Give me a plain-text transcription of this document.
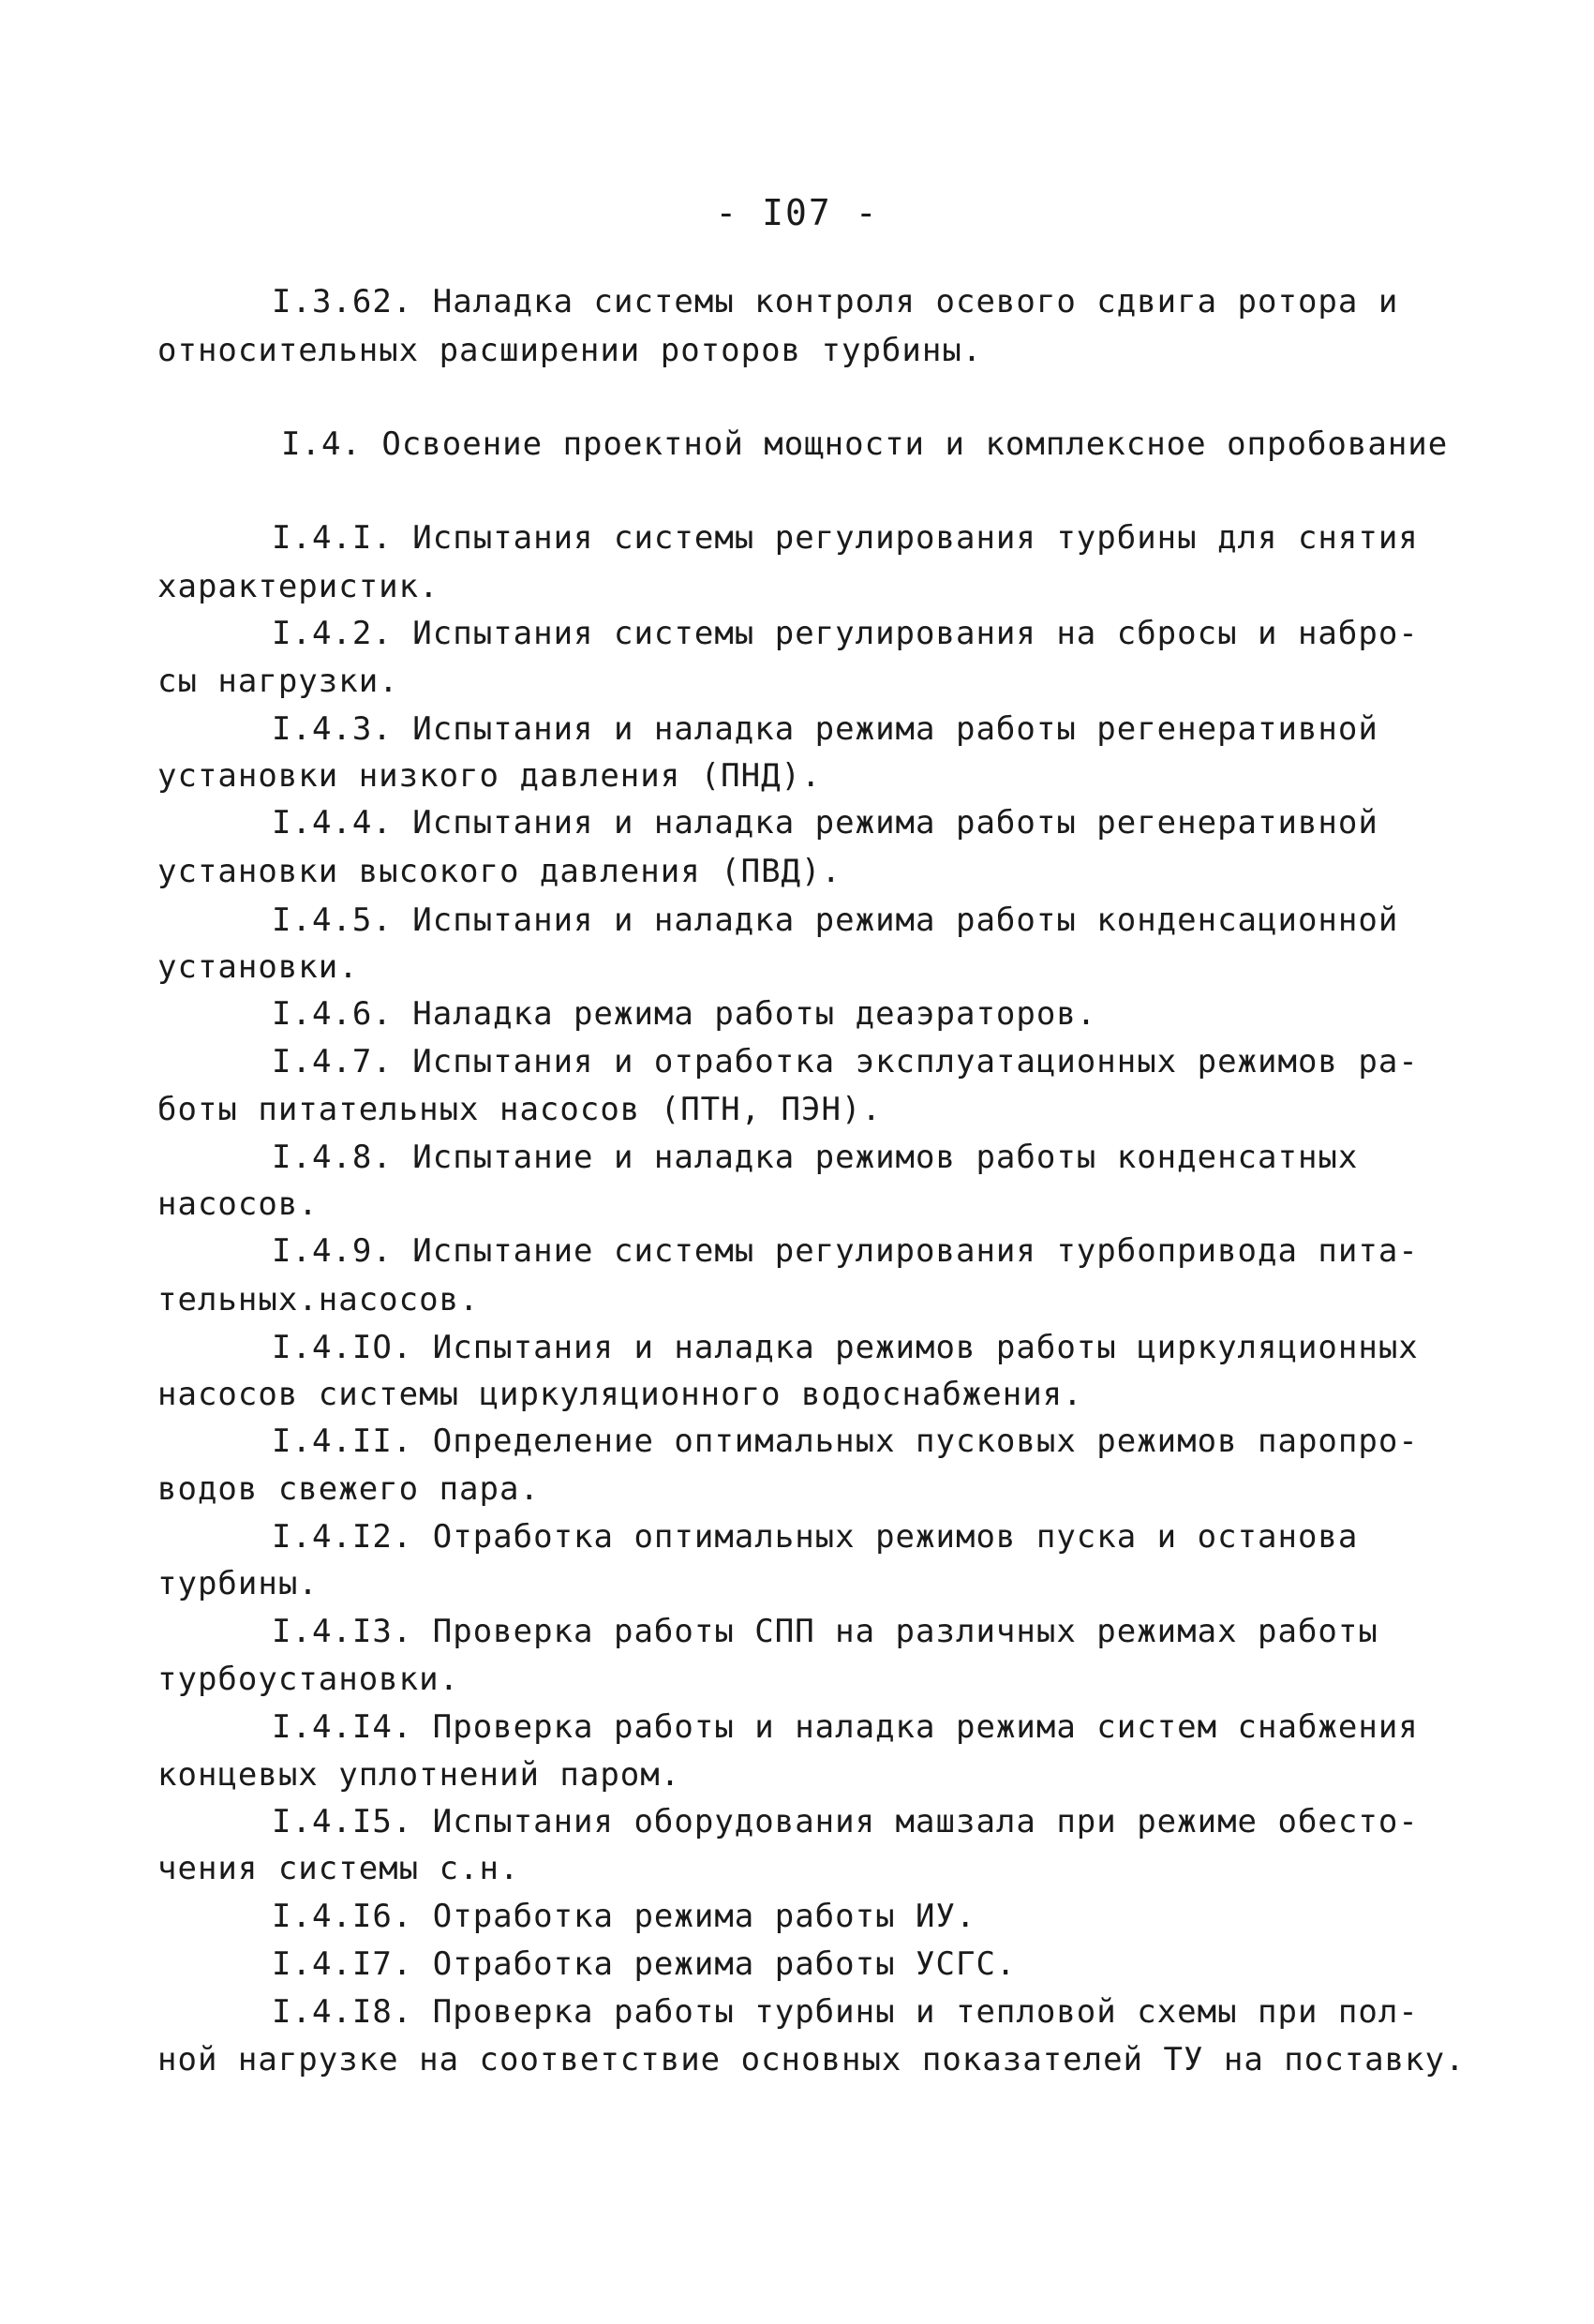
- I07 -
I.3.62. Наладка системы контроля осевого сдвига ротора и
относительных расширении роторов турбины.
I.4. Освоение проектной мощности и комплексное опробование
I.4.I. Испытания системы регулирования турбины для снятия
характеристик.
I.4.2. Испытания системы регулирования на сбросы и набро-
сы нагрузки.
I.4.3. Испытания и наладка режима работы регенеративной
установки низкого давления (ПНД).
I.4.4. Испытания и наладка режима работы регенеративной
установки высокого давления (ПВД).
I.4.5. Испытания и наладка режима работы конденсационной
установки.
I.4.6. Наладка режима работы деаэраторов.
I.4.7. Испытания и отработка эксплуатационных режимов ра-
боты питательных насосов (ПТН, ПЭН).
I.4.8. Испытание и наладка режимов работы конденсатных
насосов.
I.4.9. Испытание системы регулирования турбопривода пита-
тельных.насосов.
I.4.IO. Испытания и наладка режимов работы циркуляционных
насосов системы циркуляционного водоснабжения.
I.4.II. Определение оптимальных пусковых режимов паропро-
водов свежего пара.
I.4.I2. Отработка оптимальных режимов пуска и останова
турбины.
I.4.I3. Проверка работы СПП на различных режимах работы
турбоустановки.
I.4.I4. Проверка работы и наладка режима систем снабжения
концевых уплотнений паром.
I.4.I5. Испытания оборудования машзала при режиме обесто-
чения системы с.н.
I.4.I6. Отработка режима работы ИУ.
I.4.I7. Отработка режима работы УСГС.
I.4.I8. Проверка работы турбины и тепловой схемы при пол-
ной нагрузке на соответствие основных показателей ТУ на поставку.
